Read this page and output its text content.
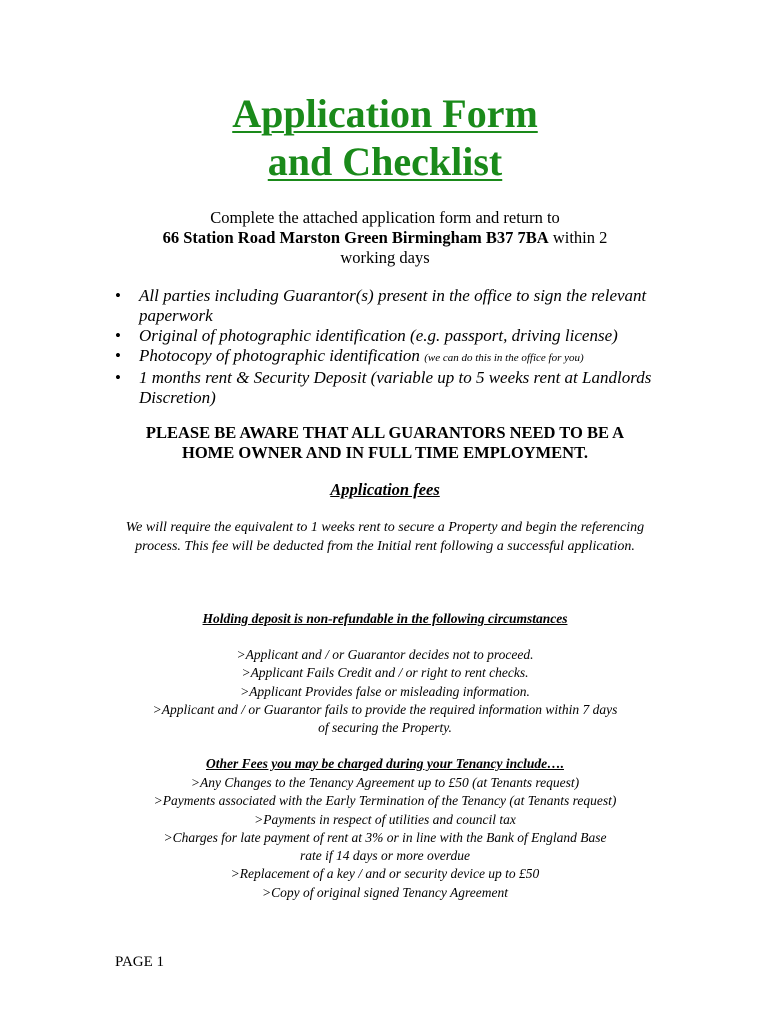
Application Form
and Checklist
Complete the attached application form and return to
66 Station Road Marston Green Birmingham B37 7BA within 2
working days
• All parties including Guarantor(s) present in the office to sign the relevant paperwork
• Original of photographic identification (e.g. passport, driving license)
• Photocopy of photographic identification (we can do this in the office for you)
• 1 months rent & Security Deposit (variable up to 5 weeks rent at Landlords Discretion)
PLEASE BE AWARE THAT ALL GUARANTORS NEED TO BE A
HOME OWNER AND IN FULL TIME EMPLOYMENT.
Application fees
We will require the equivalent to 1 weeks rent to secure a Property and begin the referencing process. This fee will be deducted from the Initial rent following a successful application.
Holding deposit is non-refundable in the following circumstances
>Applicant and / or Guarantor decides not to proceed.
>Applicant Fails Credit and / or right to rent checks.
>Applicant Provides false or misleading information.
>Applicant and / or Guarantor fails to provide the required information within 7 days
of securing the Property.
Other Fees you may be charged during your Tenancy include….
>Any Changes to the Tenancy Agreement up to £50 (at Tenants request)
>Payments associated with the Early Termination of the Tenancy (at Tenants request)
>Payments in respect of utilities and council tax
>Charges for late payment of rent at 3% or in line with the Bank of England Base
rate if 14 days or more overdue
>Replacement of a key / and or security device up to £50
>Copy of original signed Tenancy Agreement
PAGE 1
